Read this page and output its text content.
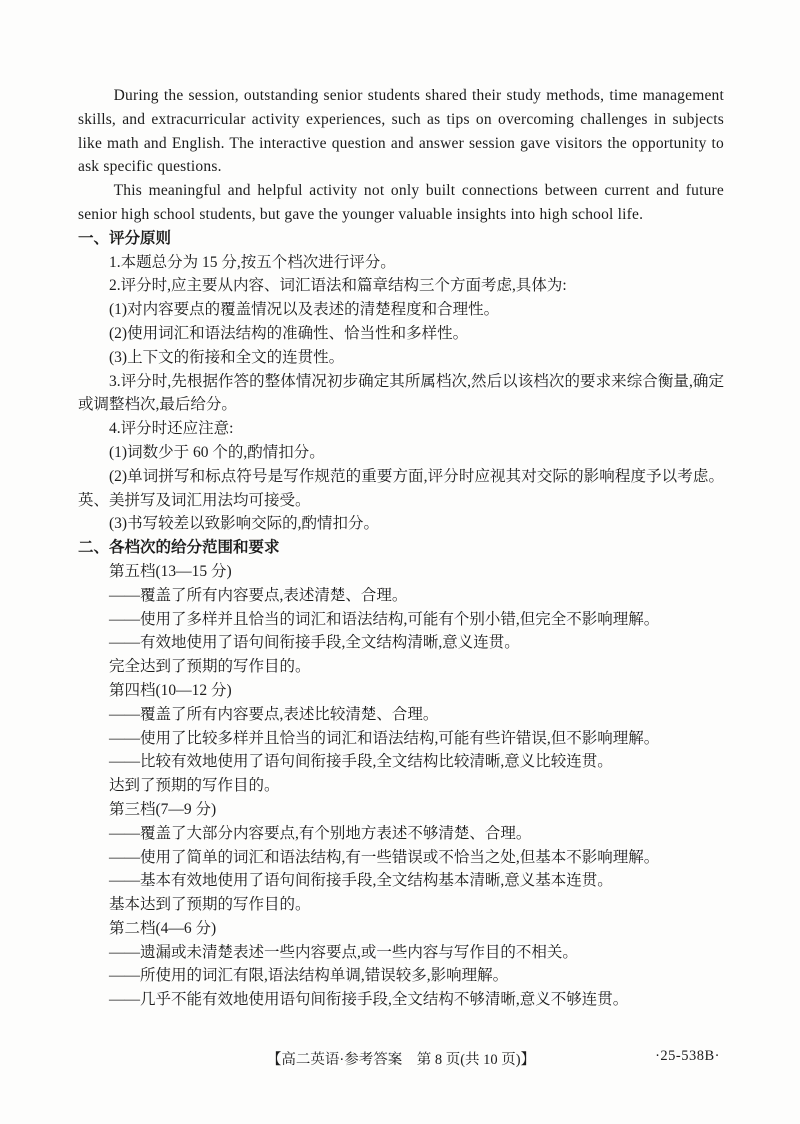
During the session, outstanding senior students shared their study methods, time management skills, and extracurricular activity experiences, such as tips on overcoming challenges in subjects like math and English. The interactive question and answer session gave visitors the opportunity to ask specific questions.

This meaningful and helpful activity not only built connections between current and future senior high school students, but gave the younger valuable insights into high school life.

一、评分原则

1.本题总分为 15 分,按五个档次进行评分。

2.评分时,应主要从内容、词汇语法和篇章结构三个方面考虑,具体为:

(1)对内容要点的覆盖情况以及表述的清楚程度和合理性。

(2)使用词汇和语法结构的准确性、恰当性和多样性。

(3)上下文的衔接和全文的连贯性。

3.评分时,先根据作答的整体情况初步确定其所属档次,然后以该档次的要求来综合衡量,确定或调整档次,最后给分。

4.评分时还应注意:

(1)词数少于 60 个的,酌情扣分。

(2)单词拼写和标点符号是写作规范的重要方面,评分时应视其对交际的影响程度予以考虑。英、美拼写及词汇用法均可接受。

(3)书写较差以致影响交际的,酌情扣分。

二、各档次的给分范围和要求

第五档(13—15 分)

——覆盖了所有内容要点,表述清楚、合理。

——使用了多样并且恰当的词汇和语法结构,可能有个别小错,但完全不影响理解。

——有效地使用了语句间衔接手段,全文结构清晰,意义连贯。

完全达到了预期的写作目的。

第四档(10—12 分)

——覆盖了所有内容要点,表述比较清楚、合理。

——使用了比较多样并且恰当的词汇和语法结构,可能有些许错误,但不影响理解。

——比较有效地使用了语句间衔接手段,全文结构比较清晰,意义比较连贯。

达到了预期的写作目的。

第三档(7—9 分)

——覆盖了大部分内容要点,有个别地方表述不够清楚、合理。

——使用了简单的词汇和语法结构,有一些错误或不恰当之处,但基本不影响理解。

——基本有效地使用了语句间衔接手段,全文结构基本清晰,意义基本连贯。

基本达到了预期的写作目的。

第二档(4—6 分)

——遗漏或未清楚表述一些内容要点,或一些内容与写作目的不相关。

——所使用的词汇有限,语法结构单调,错误较多,影响理解。

——几乎不能有效地使用语句间衔接手段,全文结构不够清晰,意义不够连贯。

【高二英语·参考答案　第 8 页(共 10 页)】	·25-538B·
